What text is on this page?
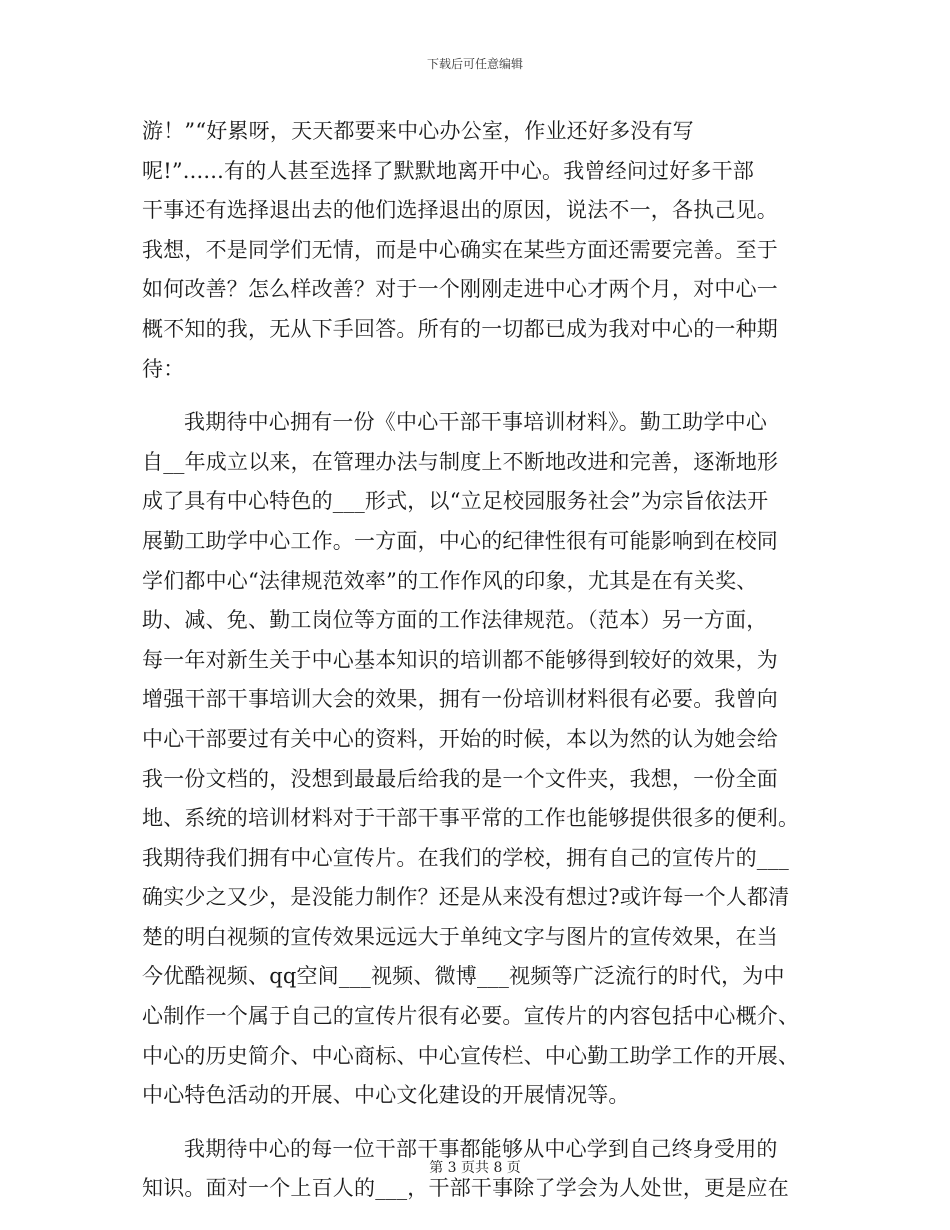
下载后可任意编辑
游！”“好累呀，天天都要来中心办公室，作业还好多没有写
呢!”......有的人甚至选择了默默地离开中心。我曾经问过好多干部
干事还有选择退出去的他们选择退出的原因，说法不一，各执己见。
我想，不是同学们无情，而是中心确实在某些方面还需要完善。至于
如何改善？怎么样改善？对于一个刚刚走进中心才两个月，对中心一
概不知的我，无从下手回答。所有的一切都已成为我对中心的一种期
待：
我期待中心拥有一份《中心干部干事培训材料》。勤工助学中心
自__年成立以来，在管理办法与制度上不断地改进和完善，逐渐地形
成了具有中心特色的___形式，以“立足校园服务社会”为宗旨依法开
展勤工助学中心工作。一方面，中心的纪律性很有可能影响到在校同
学们都中心“法律规范效率”的工作作风的印象，尤其是在有关奖、
助、减、免、勤工岗位等方面的工作法律规范。（范本）另一方面，
每一年对新生关于中心基本知识的培训都不能够得到较好的效果，为
增强干部干事培训大会的效果，拥有一份培训材料很有必要。我曾向
中心干部要过有关中心的资料，开始的时候，本以为然的认为她会给
我一份文档的，没想到最最后给我的是一个文件夹，我想，一份全面
地、系统的培训材料对于干部干事平常的工作也能够提供很多的便利。
我期待我们拥有中心宣传片。在我们的学校，拥有自己的宣传片的___
确实少之又少，是没能力制作？还是从来没有想过?或许每一个人都清
楚的明白视频的宣传效果远远大于单纯文字与图片的宣传效果，在当
今优酷视频、qq空间___视频、微博___视频等广泛流行的时代，为中
心制作一个属于自己的宣传片很有必要。宣传片的内容包括中心概介、
中心的历史简介、中心商标、中心宣传栏、中心勤工助学工作的开展、
中心特色活动的开展、中心文化建设的开展情况等。
我期待中心的每一位干部干事都能够从中心学到自己终身受用的
知识。面对一个上百人的___，干部干事除了学会为人处世，更是应在
第 3 页共 8 页
